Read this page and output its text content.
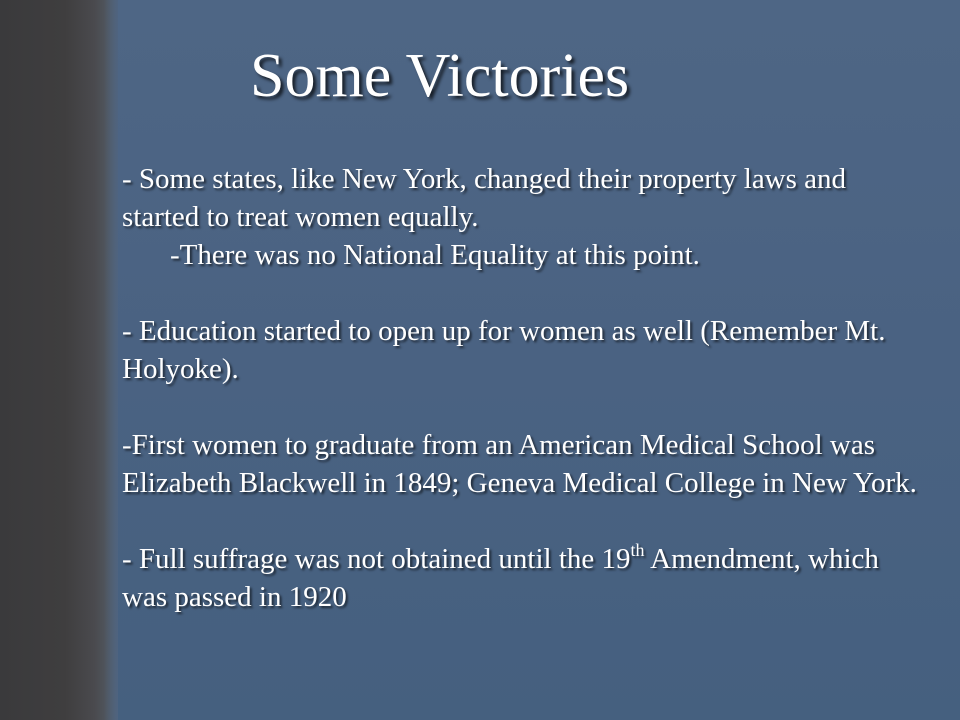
Some Victories

- Some states, like New York, changed their property laws and started to treat women equally.

-There was no National Equality at this point.

- Education started to open up for women as well (Remember Mt. Holyoke).

-First women to graduate from an American Medical School was Elizabeth Blackwell in 1849; Geneva Medical College in New York.

- Full suffrage was not obtained until the 19th Amendment, which was passed in 1920
